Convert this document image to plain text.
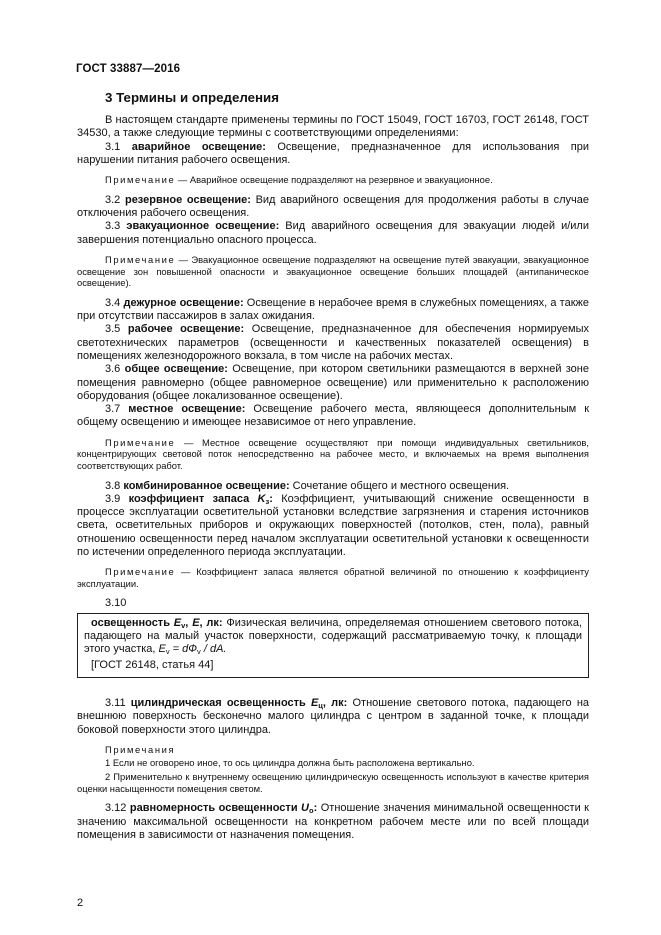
ГОСТ 33887—2016
3 Термины и определения

В настоящем стандарте применены термины по ГОСТ 15049, ГОСТ 16703, ГОСТ 26148, ГОСТ 34530, а также следующие термины с соответствующими определениями:

3.1 аварийное освещение: Освещение, предназначенное для использования при нарушении питания рабочего освещения.

Примечание — Аварийное освещение подразделяют на резервное и эвакуационное.

3.2 резервное освещение: Вид аварийного освещения для продолжения работы в случае отключения рабочего освещения.

3.3 эвакуационное освещение: Вид аварийного освещения для эвакуации людей и/или завершения потенциально опасного процесса.

Примечание — Эвакуационное освещение подразделяют на освещение путей эвакуации, эвакуационное освещение зон повышенной опасности и эвакуационное освещение больших площадей (антипаническое освещение).

3.4 дежурное освещение: Освещение в нерабочее время в служебных помещениях, а также при отсутствии пассажиров в залах ожидания.

3.5 рабочее освещение: Освещение, предназначенное для обеспечения нормируемых светотехнических параметров (освещенности и качественных показателей освещения) в помещениях железнодорожного вокзала, в том числе на рабочих местах.

3.6 общее освещение: Освещение, при котором светильники размещаются в верхней зоне помещения равномерно (общее равномерное освещение) или применительно к расположению оборудования (общее локализованное освещение).

3.7 местное освещение: Освещение рабочего места, являющееся дополнительным к общему освещению и имеющее независимое от него управление.

Примечание — Местное освещение осуществляют при помощи индивидуальных светильников, концентрирующих световой поток непосредственно на рабочее место, и включаемых на время выполнения соответствующих работ.

3.8 комбинированное освещение: Сочетание общего и местного освещения.

3.9 коэффициент запаса $K_з$: Коэффициент, учитывающий снижение освещенности в процессе эксплуатации осветительной установки вследствие загрязнения и старения источников света, осветительных приборов и окружающих поверхностей (потолков, стен, пола), равный отношению освещенности перед началом эксплуатации осветительной установки к освещенности по истечении определенного периода эксплуатации.

Примечание — Коэффициент запаса является обратной величиной по отношению к коэффициенту эксплуатации.
3.10

освещенность $E_v$, E, лк: Физическая величина, определяемая отношением светового потока, падающего на малый участок поверхности, содержащий рассматриваемую точку, к площади этого участка, $E_v = dФ_v$ / dA.

[ГОСТ 26148, статья 44]

3.11 цилиндрическая освещенность $E_ц$, лк: Отношение светового потока, падающего на внешнюю поверхность бесконечно малого цилиндра с центром в заданной точке, к площади боковой поверхности этого цилиндра.

Примечания
1 Если не оговорено иное, то ось цилиндра должна быть расположена вертикально.
2 Применительно к внутреннему освещению цилиндрическую освещенность используют в качестве критерия оценки насыщенности помещения светом.

3.12 равномерность освещенности $U_o$: Отношение значения минимальной освещенности к значению максимальной освещенности на конкретном рабочем месте или по всей площади помещения в зависимости от назначения помещения.

2
